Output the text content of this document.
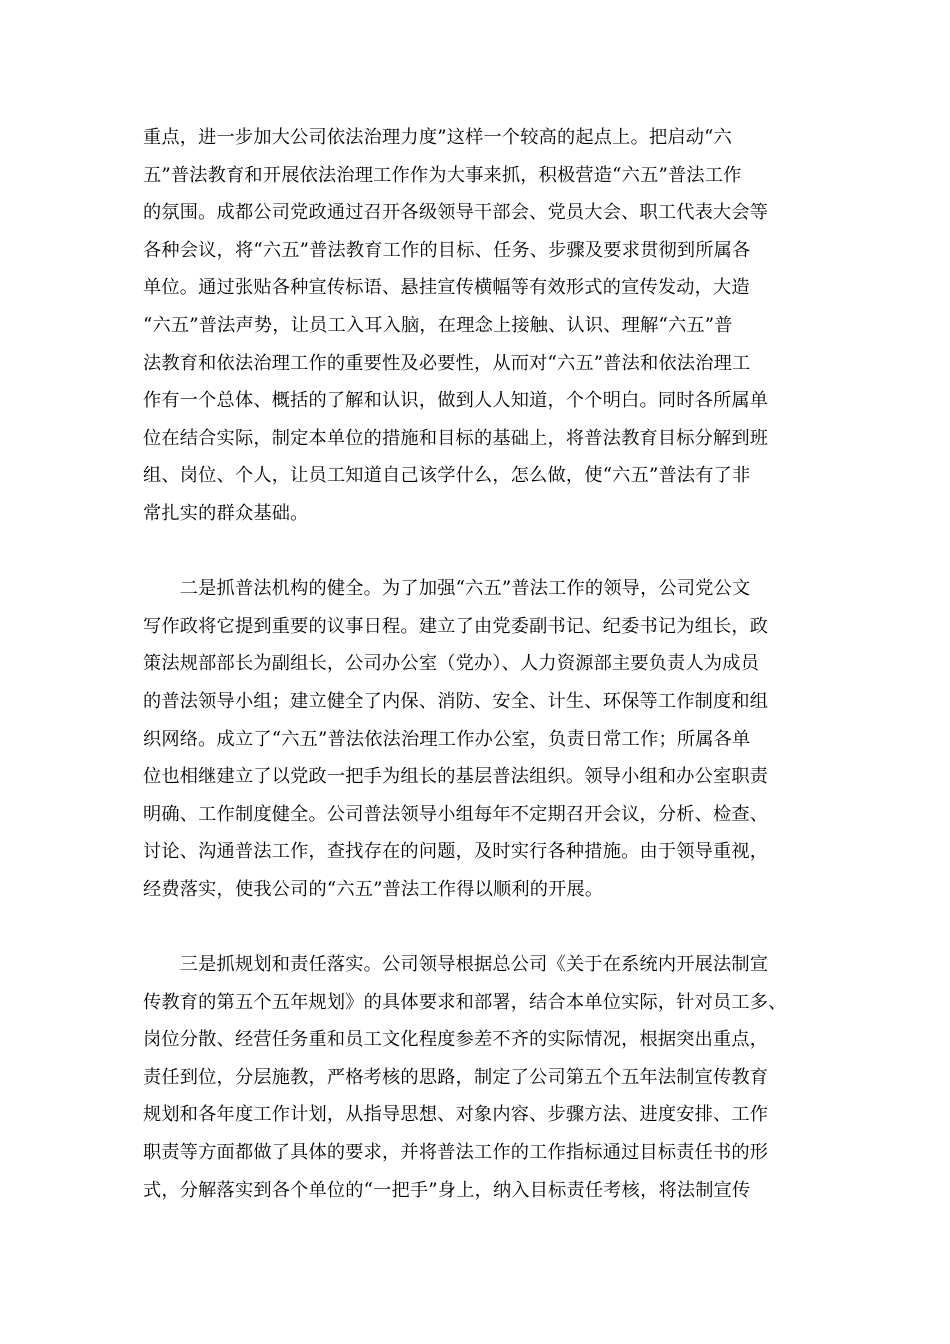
重点，进一步加大公司依法治理力度”这样一个较高的起点上。把启动“六
五”普法教育和开展依法治理工作作为大事来抓，积极营造“六五”普法工作
的氛围。成都公司党政通过召开各级领导干部会、党员大会、职工代表大会等
各种会议，将“六五”普法教育工作的目标、任务、步骤及要求贯彻到所属各
单位。通过张贴各种宣传标语、悬挂宣传横幅等有效形式的宣传发动，大造
“六五”普法声势，让员工入耳入脑，在理念上接触、认识、理解“六五”普
法教育和依法治理工作的重要性及必要性，从而对“六五”普法和依法治理工
作有一个总体、概括的了解和认识，做到人人知道，个个明白。同时各所属单
位在结合实际，制定本单位的措施和目标的基础上，将普法教育目标分解到班
组、岗位、个人，让员工知道自己该学什么，怎么做，使“六五”普法有了非
常扎实的群众基础。
　　二是抓普法机构的健全。为了加强“六五”普法工作的领导，公司党公文
写作政将它提到重要的议事日程。建立了由党委副书记、纪委书记为组长，政
策法规部部长为副组长，公司办公室（党办）、人力资源部主要负责人为成员
的普法领导小组；建立健全了内保、消防、安全、计生、环保等工作制度和组
织网络。成立了“六五”普法依法治理工作办公室，负责日常工作；所属各单
位也相继建立了以党政一把手为组长的基层普法组织。领导小组和办公室职责
明确、工作制度健全。公司普法领导小组每年不定期召开会议，分析、检查、
讨论、沟通普法工作，查找存在的问题，及时实行各种措施。由于领导重视，
经费落实，使我公司的“六五”普法工作得以顺利的开展。
　　三是抓规划和责任落实。公司领导根据总公司《关于在系统内开展法制宣
传教育的第五个五年规划》的具体要求和部署，结合本单位实际，针对员工多、
岗位分散、经营任务重和员工文化程度参差不齐的实际情况，根据突出重点，
责任到位，分层施教，严格考核的思路，制定了公司第五个五年法制宣传教育
规划和各年度工作计划，从指导思想、对象内容、步骤方法、进度安排、工作
职责等方面都做了具体的要求，并将普法工作的工作指标通过目标责任书的形
式，分解落实到各个单位的“一把手”身上，纳入目标责任考核，将法制宣传
